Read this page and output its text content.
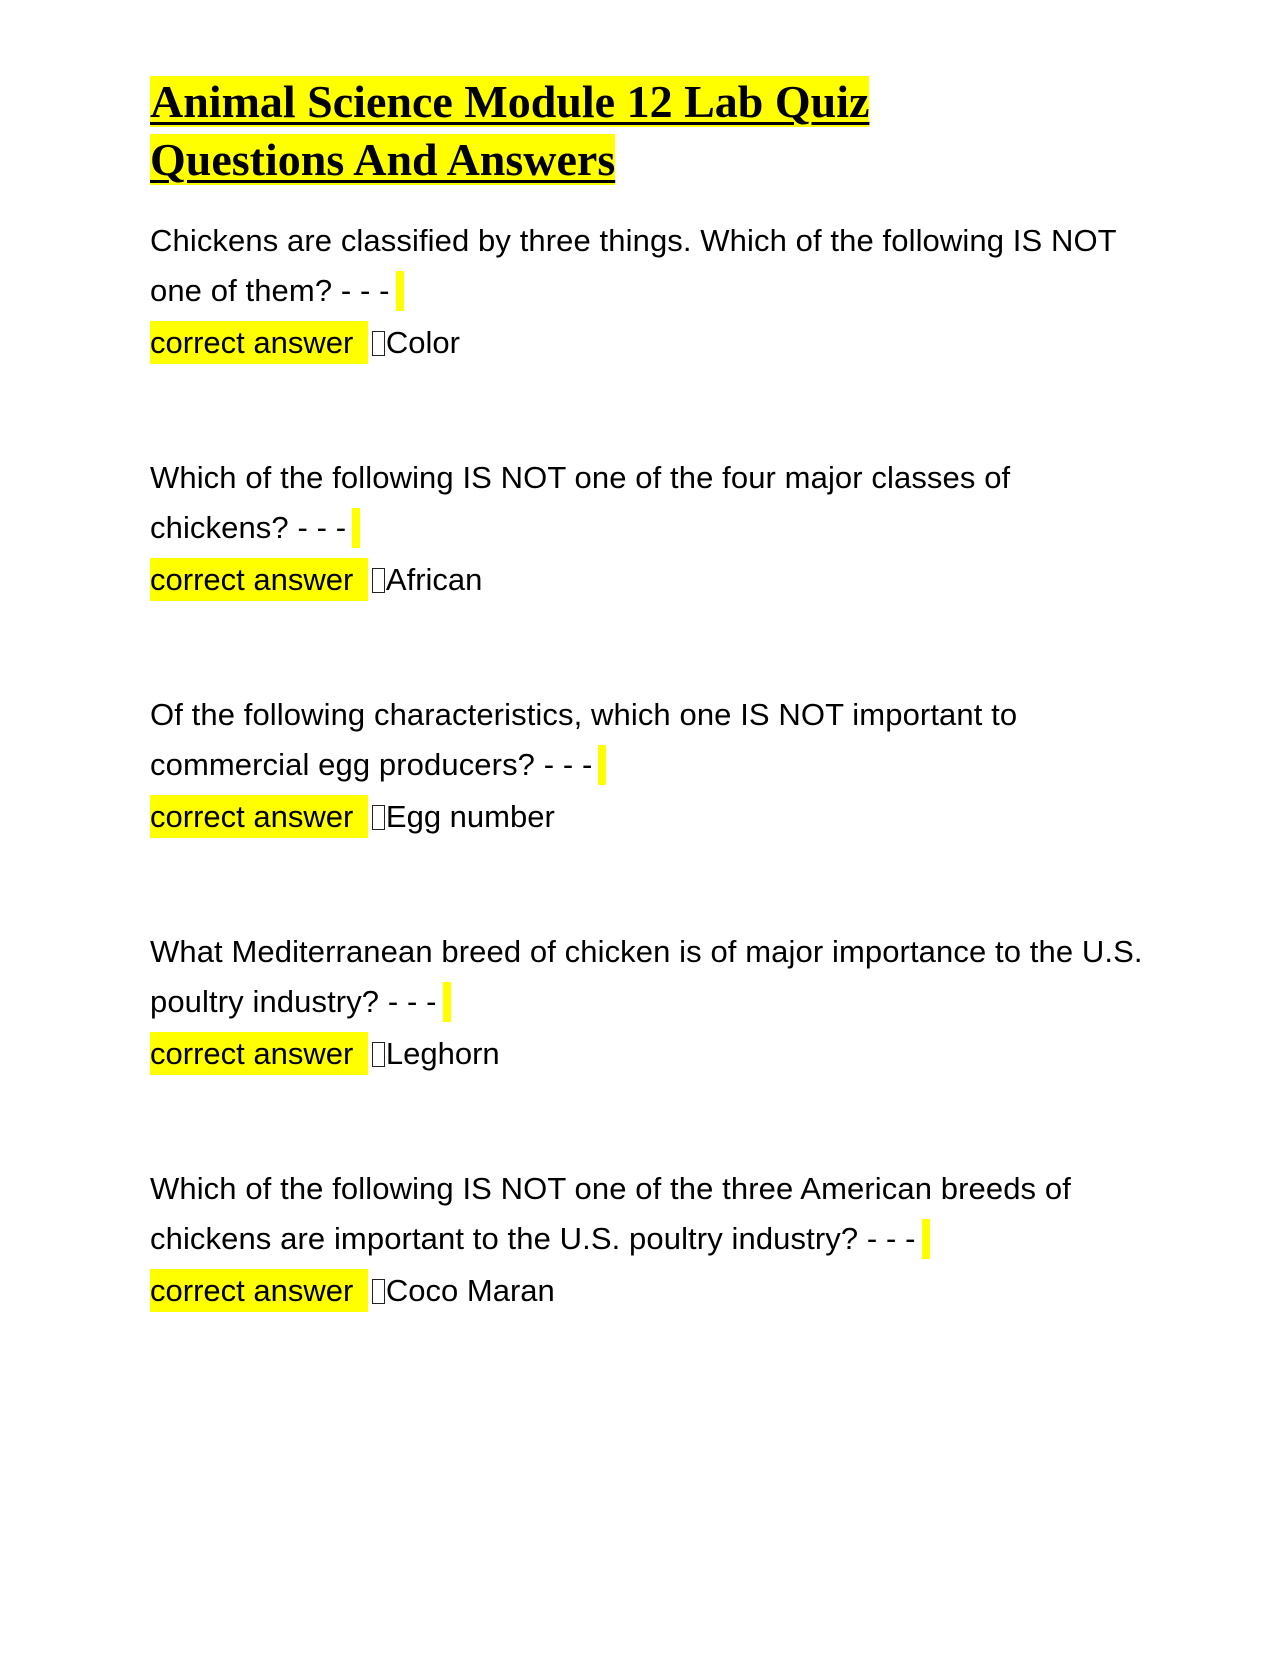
Animal Science Module 12 Lab Quiz
Questions And Answers

Chickens are classified by three things. Which of the following IS NOT one of them? - - -

correct answer Color

Which of the following IS NOT one of the four major classes of chickens? - - -

correct answer African

Of the following characteristics, which one IS NOT important to commercial egg producers? - - -

correct answer Egg number

What Mediterranean breed of chicken is of major importance to the U.S. poultry industry? - - -

correct answer Leghorn

Which of the following IS NOT one of the three American breeds of chickens are important to the U.S. poultry industry? - - -

correct answer Coco Maran
